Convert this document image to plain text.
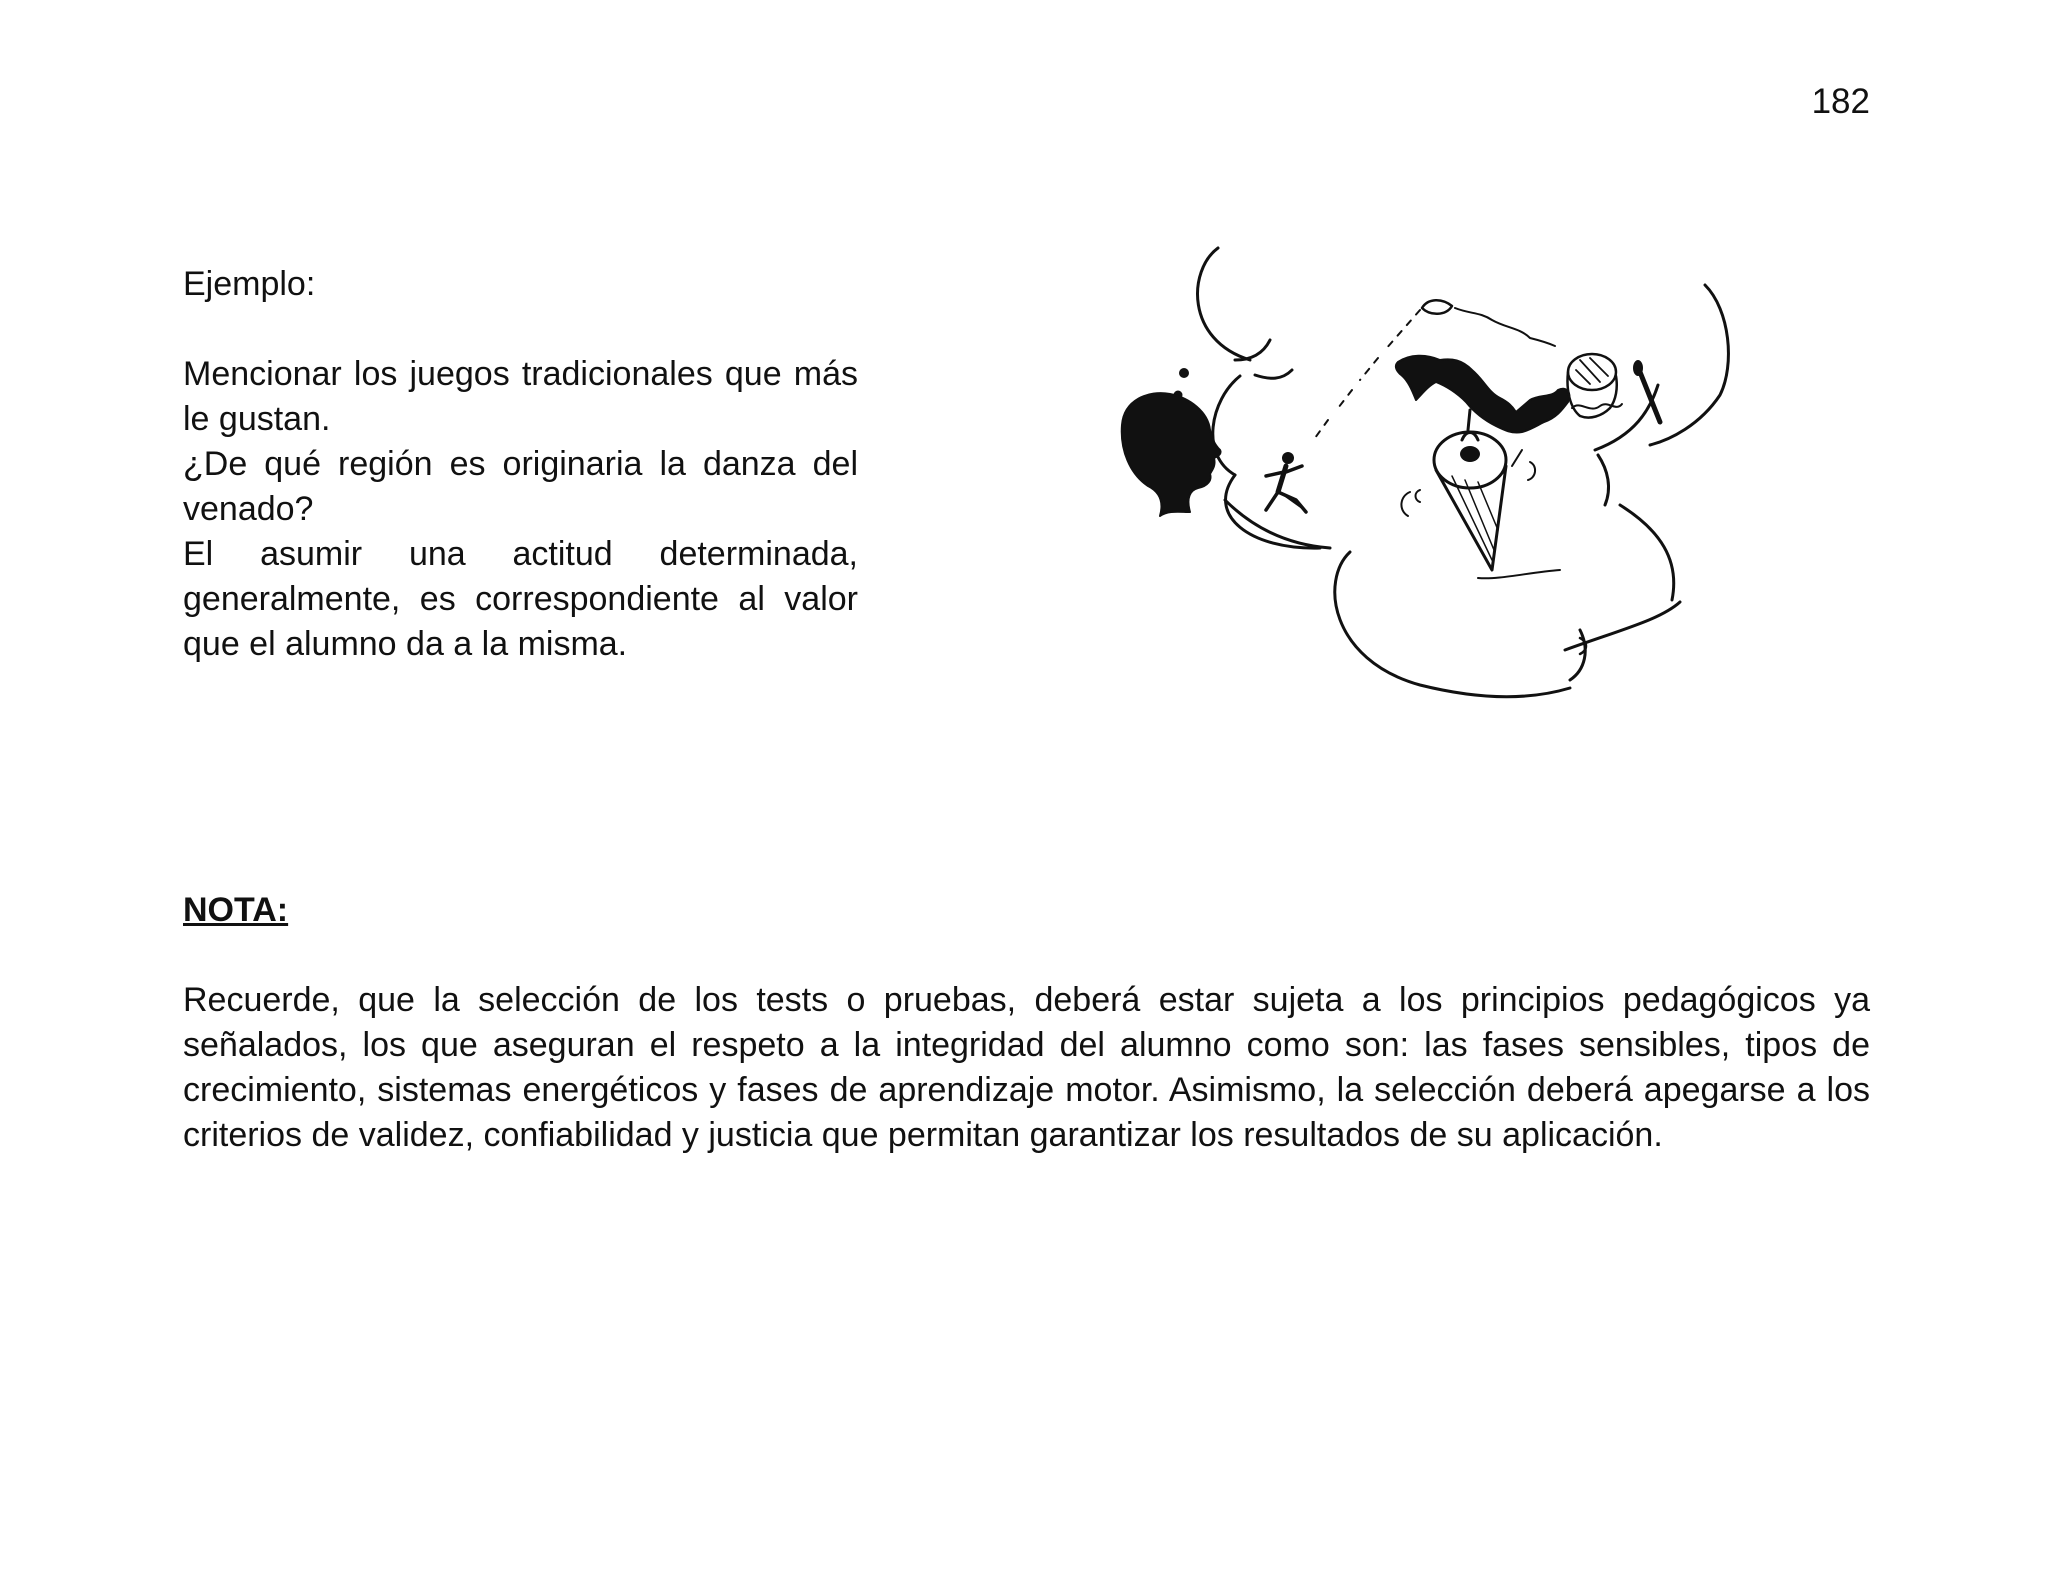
182

Ejemplo:

Mencionar los juegos tradicionales que más le gustan.

¿De qué región es originaria la danza del venado?

El asumir una actitud determinada, generalmente, es correspondiente al valor que el alumno da a la misma.

NOTA:

Recuerde, que la selección de los tests o pruebas, deberá estar sujeta a los principios pedagógicos ya señalados, los que aseguran el respeto a la integridad del alumno como son: las fases sensibles, tipos de crecimiento, sistemas energéticos y fases de aprendizaje motor. Asimismo, la selección deberá apegarse a los criterios de validez, confiabilidad y justicia que permitan garantizar los resultados de su aplicación.
